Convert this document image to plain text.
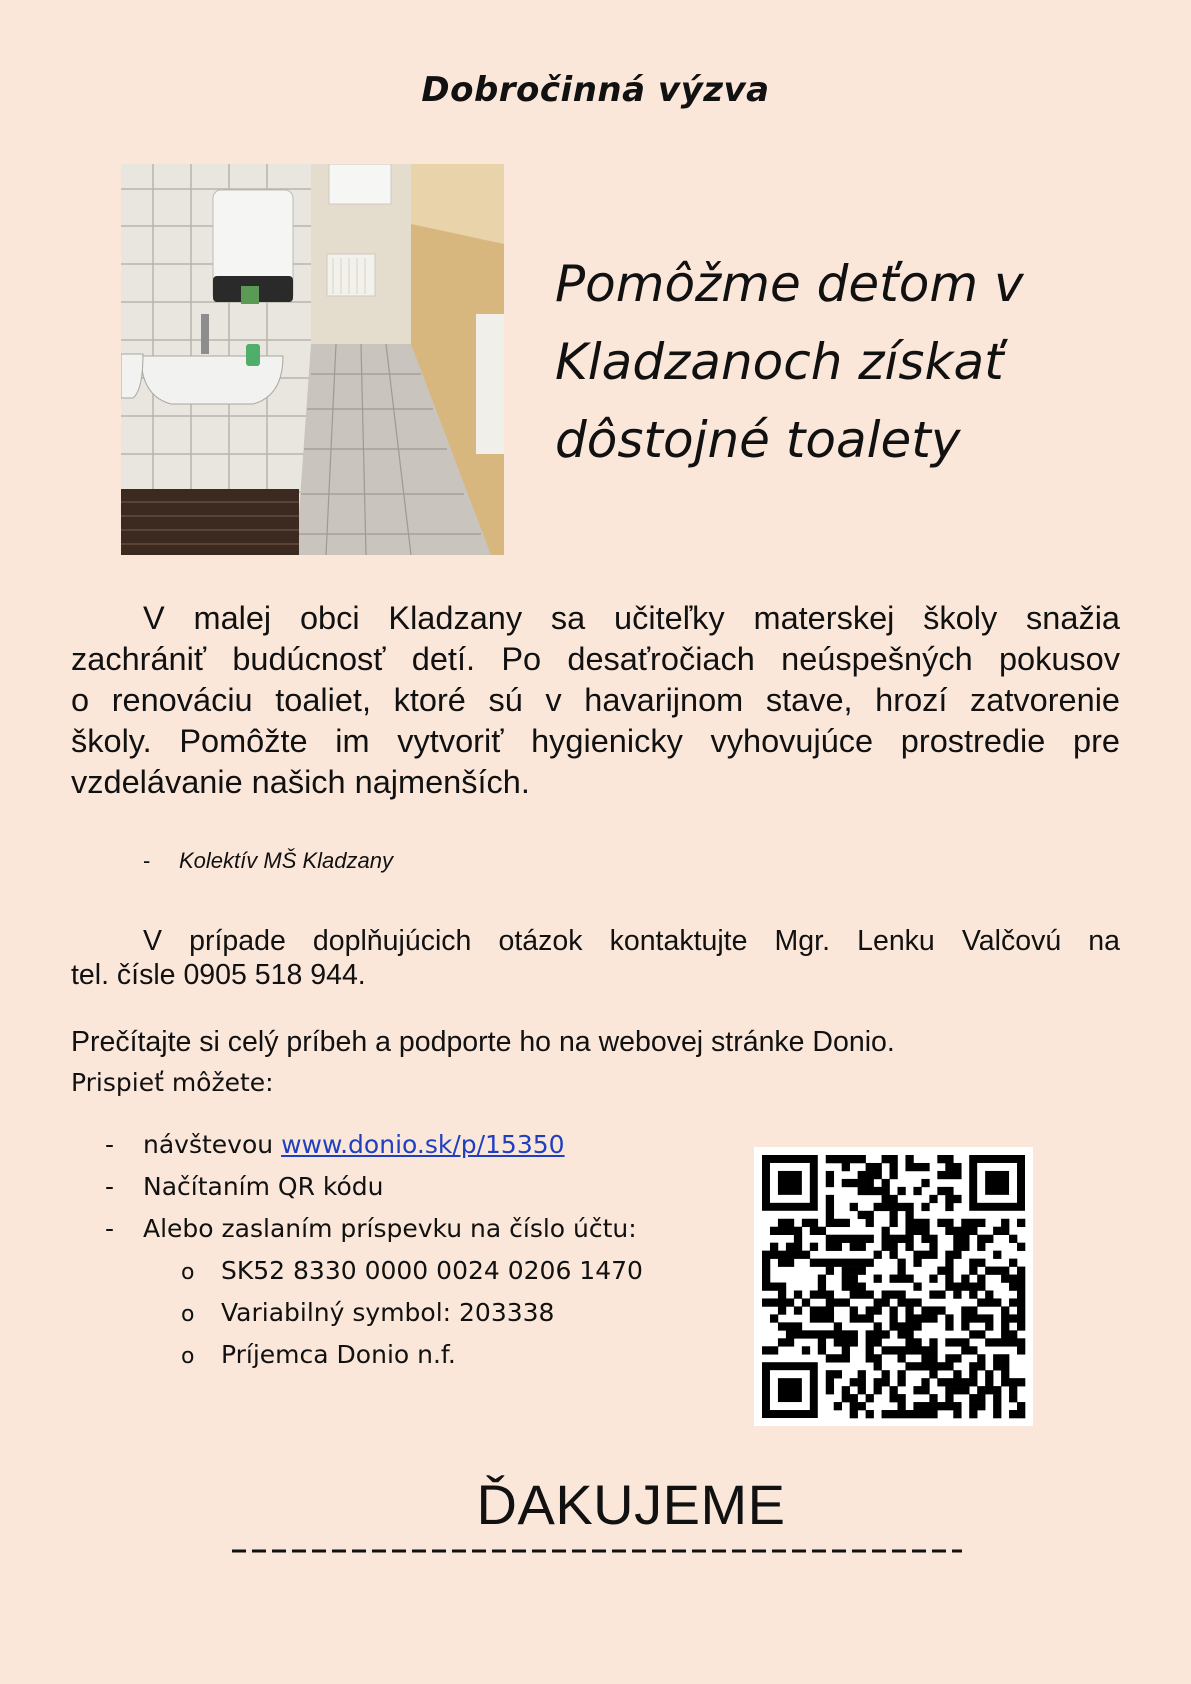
Dobročinná výzva
Pomôžme deťom v
Kladzanoch získať
dôstojné toalety
V malej obci Kladzany sa učiteľky materskej školy snažia
zachrániť budúcnosť detí. Po desaťročiach neúspešných pokusov
o renováciu toaliet, ktoré sú v havarijnom stave, hrozí zatvorenie
školy. Pomôžte im vytvoriť hygienicky vyhovujúce prostredie pre
vzdelávanie našich najmenších.
- Kolektív MŠ Kladzany
V prípade doplňujúcich otázok kontaktujte Mgr. Lenku Valčovú na
tel. čísle 0905 518 944.
Prečítajte si celý príbeh a podporte ho na webovej stránke Donio.
Prispieť môžete:
- návštevou www.donio.sk/p/15350
- Načítaním QR kódu
- Alebo zaslaním príspevku na číslo účtu:
o SK52 8330 0000 0024 0206 1470
o Variabilný symbol: 203338
o Príjemca Donio n.f.
ĎAKUJEME
